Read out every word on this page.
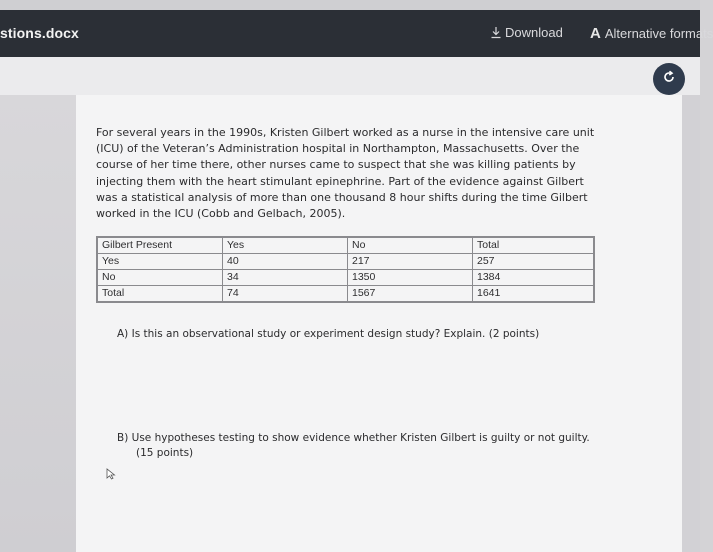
stions.docx	Download A Alternative formats
For several years in the 1990s, Kristen Gilbert worked as a nurse in the intensive care unit (ICU) of the Veteran’s Administration hospital in Northampton, Massachusetts. Over the course of her time there, other nurses came to suspect that she was killing patients by injecting them with the heart stimulant epinephrine. Part of the evidence against Gilbert was a statistical analysis of more than one thousand 8 hour shifts during the time Gilbert worked in the ICU (Cobb and Gelbach, 2005).
Gilbert Present	Yes	No	Total
Yes	40	217	257
No	34	1350	1384
Total	74	1567	1641
A) Is this an observational study or experiment design study? Explain. (2 points)
B) Use hypotheses testing to show evidence whether Kristen Gilbert is guilty or not guilty.
(15 points)
